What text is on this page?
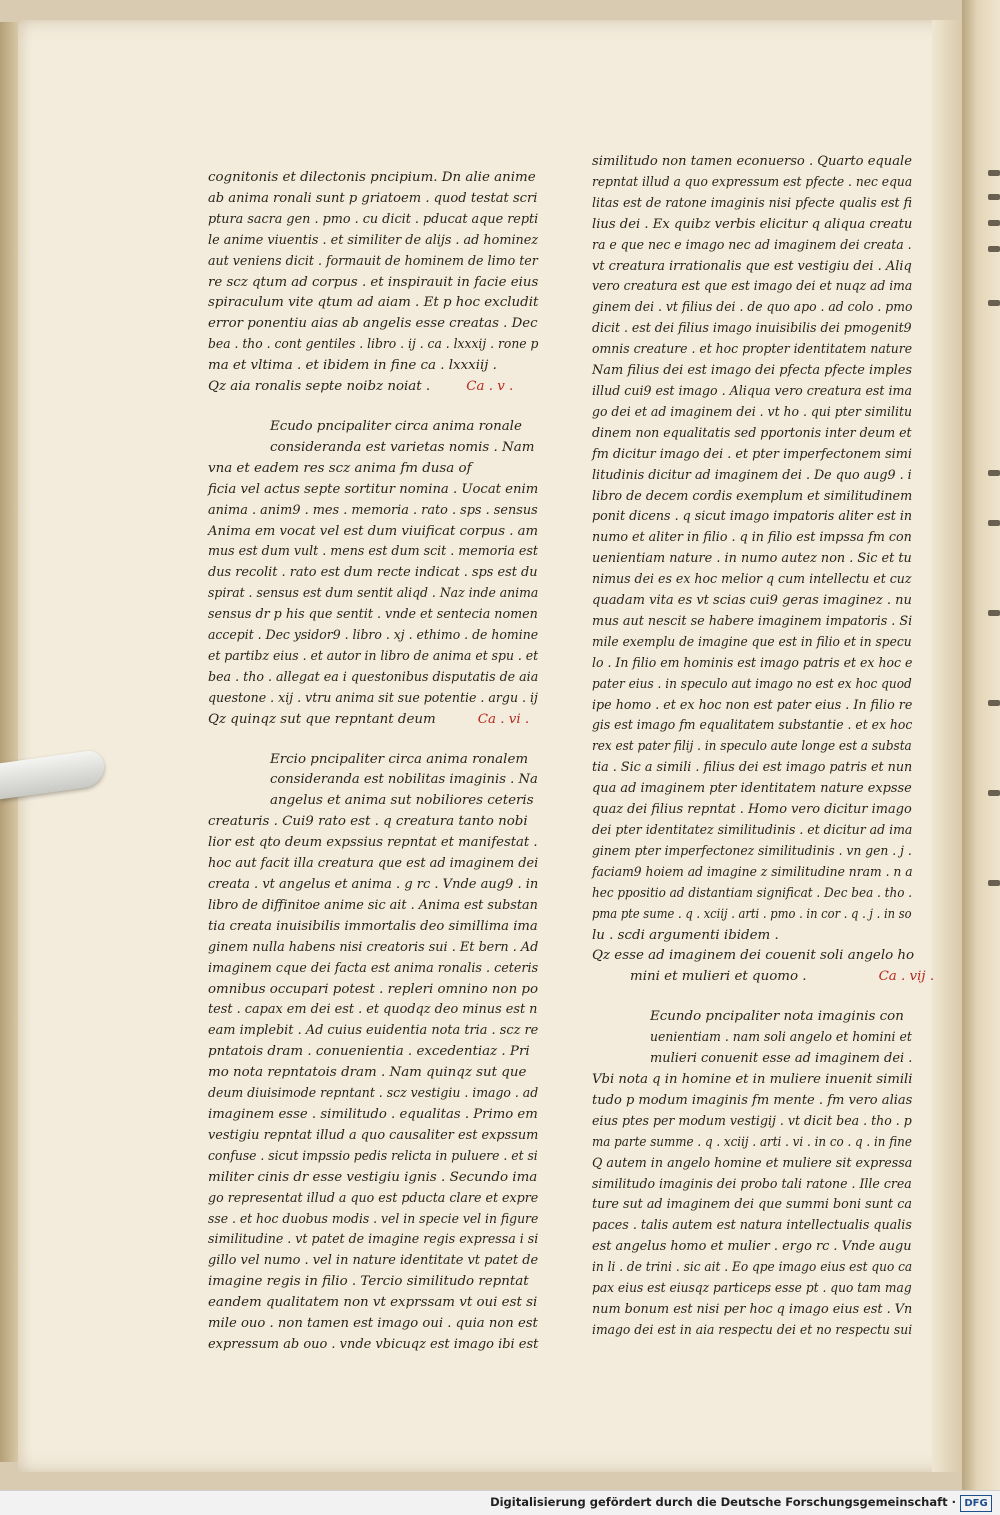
cognitonis et dilectonis pncipium. Dn alie anime
ab anima ronali sunt p griatoem . quod testat scri
ptura sacra gen . pmo . cu dicit . pducat aque repti
le anime viuentis . et similiter de alijs . ad hominez
aut veniens dicit . formauit de hominem de limo ter
re scz qtum ad corpus . et inspirauit in facie eius
spiraculum vite qtum ad aiam . Et p hoc excludit
error ponentiu aias ab angelis esse creatas . Dec
bea . tho . cont gentiles . libro . ij . ca . lxxxij . rone p
ma et vltima . et ibidem in fine ca . lxxxiij .
Qz aia ronalis septe noibz noiat .	Ca . v .
Ecudo pncipaliter circa anima ronale
consideranda est varietas nomis . Nam
vna et eadem res scz anima fm dusa of
ficia vel actus septe sortitur nomina . Uocat enim
anima . anim9 . mes . memoria . rato . sps . sensus
Anima em vocat vel est dum viuificat corpus . am
mus est dum vult . mens est dum scit . memoria est
dus recolit . rato est dum recte indicat . sps est du
spirat . sensus est dum sentit aliqd . Naz inde anima
sensus dr p his que sentit . vnde et sentecia nomen
accepit . Dec ysidor9 . libro . xj . ethimo . de homine
et partibz eius . et autor in libro de anima et spu . et
bea . tho . allegat ea i questonibus disputatis de aia
questone . xij . vtru anima sit sue potentie . argu . ij
Qz quinqz sut que repntant deum	Ca . vi .
Ercio pncipaliter circa anima ronalem
consideranda est nobilitas imaginis . Na
angelus et anima sut nobiliores ceteris
creaturis . Cui9 rato est . q creatura tanto nobi
lior est qto deum expssius repntat et manifestat .
hoc aut facit illa creatura que est ad imaginem dei
creata . vt angelus et anima . g rc . Vnde aug9 . in
libro de diffinitoe anime sic ait . Anima est substan
tia creata inuisibilis immortalis deo simillima ima
ginem nulla habens nisi creatoris sui . Et bern . Ad
imaginem cque dei facta est anima ronalis . ceteris
omnibus occupari potest . repleri omnino non po
test . capax em dei est . et quodqz deo minus est n
eam implebit . Ad cuius euidentia nota tria . scz re
pntatois dram . conuenientia . excedentiaz . Pri
mo nota repntatois dram . Nam quinqz sut que
deum diuisimode repntant . scz vestigiu . imago . ad
imaginem esse . similitudo . equalitas . Primo em
vestigiu repntat illud a quo causaliter est expssum
confuse . sicut impssio pedis relicta in puluere . et si
militer cinis dr esse vestigiu ignis . Secundo ima
go representat illud a quo est pducta clare et expre
sse . et hoc duobus modis . vel in specie vel in figure
similitudine . vt patet de imagine regis expressa i si
gillo vel numo . vel in nature identitate vt patet de
imagine regis in filio . Tercio similitudo repntat
eandem qualitatem non vt exprssam vt oui est si
mile ouo . non tamen est imago oui . quia non est
expressum ab ouo . vnde vbicuqz est imago ibi est
similitudo non tamen econuerso . Quarto equale
repntat illud a quo expressum est pfecte . nec equa
litas est de ratone imaginis nisi pfecte qualis est fi
lius dei . Ex quibz verbis elicitur q aliqua creatu
ra e que nec e imago nec ad imaginem dei creata .
vt creatura irrationalis que est vestigiu dei . Aliq
vero creatura est que est imago dei et nuqz ad ima
ginem dei . vt filius dei . de quo apo . ad colo . pmo
dicit . est dei filius imago inuisibilis dei pmogenit9
omnis creature . et hoc propter identitatem nature
Nam filius dei est imago dei pfecta pfecte imples
illud cui9 est imago . Aliqua vero creatura est ima
go dei et ad imaginem dei . vt ho . qui pter similitu
dinem non equalitatis sed pportonis inter deum et
fm dicitur imago dei . et pter imperfectonem simi
litudinis dicitur ad imaginem dei . De quo aug9 . i
libro de decem cordis exemplum et similitudinem
ponit dicens . q sicut imago impatoris aliter est in
numo et aliter in filio . q in filio est impssa fm con
uenientiam nature . in numo autez non . Sic et tu
nimus dei es ex hoc melior q cum intellectu et cuz
quadam vita es vt scias cui9 geras imaginez . nu
mus aut nescit se habere imaginem impatoris . Si
mile exemplu de imagine que est in filio et in specu
lo . In filio em hominis est imago patris et ex hoc e
pater eius . in speculo aut imago no est ex hoc quod
ipe homo . et ex hoc non est pater eius . In filio re
gis est imago fm equalitatem substantie . et ex hoc
rex est pater filij . in speculo aute longe est a substa
tia . Sic a simili . filius dei est imago patris et nun
qua ad imaginem pter identitatem nature expsse
quaz dei filius repntat . Homo vero dicitur imago
dei pter identitatez similitudinis . et dicitur ad ima
ginem pter imperfectonez similitudinis . vn gen . j .
faciam9 hoiem ad imagine z similitudine nram . n a
hec ppositio ad distantiam significat . Dec bea . tho .
pma pte sume . q . xciij . arti . pmo . in cor . q . j . in so
lu . scdi argumenti ibidem .
Qz esse ad imaginem dei couenit soli angelo ho
mini et mulieri et quomo .	Ca . vij .
Ecundo pncipaliter nota imaginis con
uenientiam . nam soli angelo et homini et
mulieri conuenit esse ad imaginem dei .
Vbi nota q in homine et in muliere inuenit simili
tudo p modum imaginis fm mente . fm vero alias
eius ptes per modum vestigij . vt dicit bea . tho . p
ma parte summe . q . xciij . arti . vi . in co . q . in fine
Q autem in angelo homine et muliere sit expressa
similitudo imaginis dei probo tali ratone . Ille crea
ture sut ad imaginem dei que summi boni sunt ca
paces . talis autem est natura intellectualis qualis
est angelus homo et mulier . ergo rc . Vnde augu
in li . de trini . sic ait . Eo qpe imago eius est quo ca
pax eius est eiusqz particeps esse pt . quo tam mag
num bonum est nisi per hoc q imago eius est . Vn
imago dei est in aia respectu dei et no respectu sui
Digitalisierung gefördert durch die Deutsche Forschungsgemeinschaft · DFG
